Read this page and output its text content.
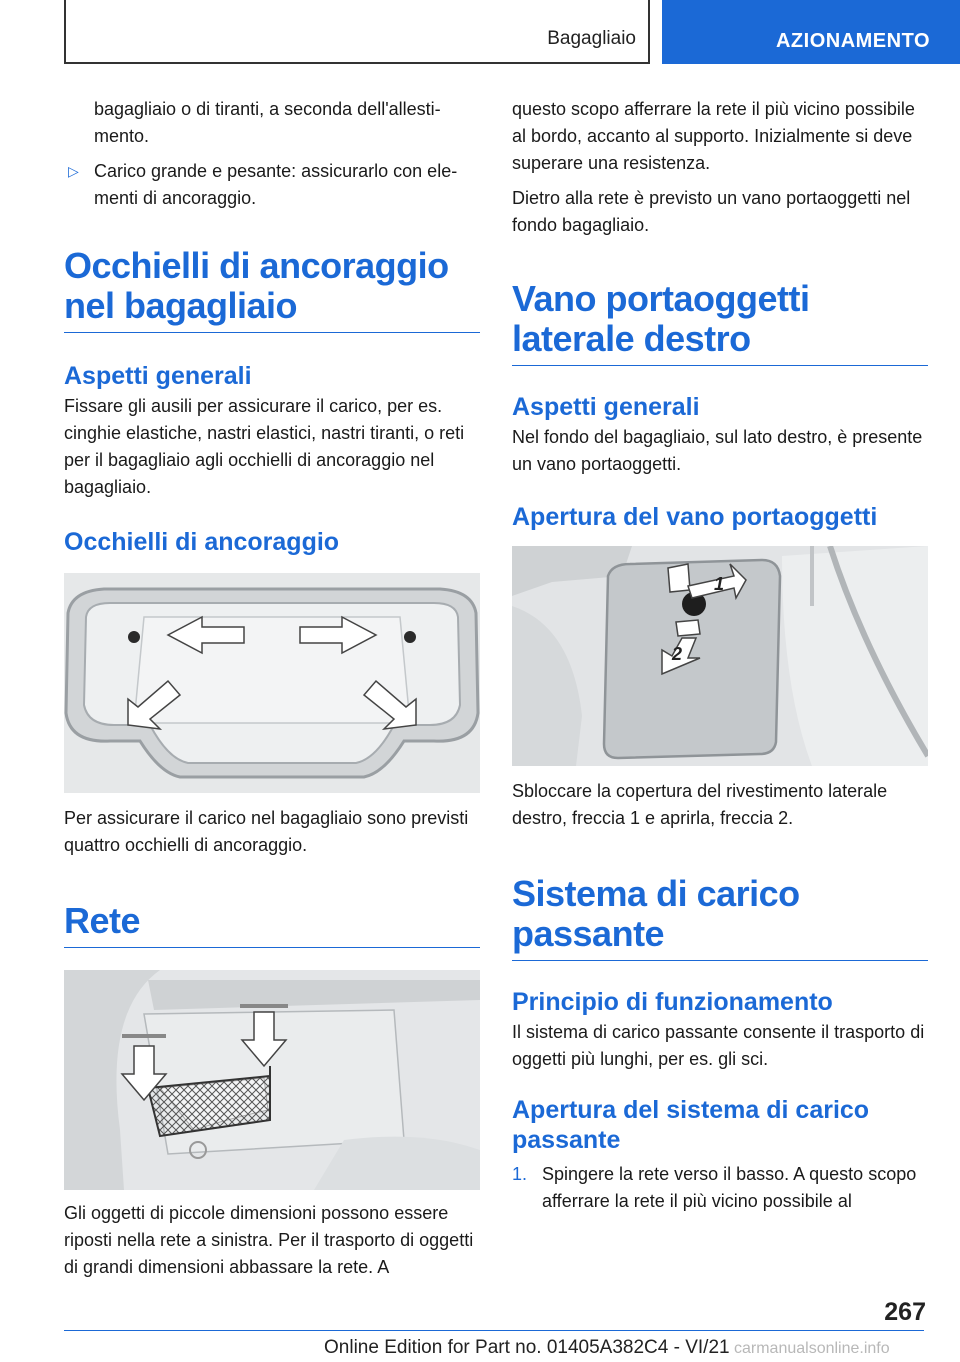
Bagagliaio	AZIONAMENTO

bagagliaio o di tiranti, a seconda dell'allestimento.

▷ Carico grande e pesante: assicurarlo con elementi di ancoraggio.
Occhielli di ancoraggio nel bagagliaio
Aspetti generali

Fissare gli ausili per assicurare il carico, per es. cinghie elastiche, nastri elastici, nastri tiranti, o reti per il bagagliaio agli occhielli di ancoraggio nel bagagliaio.

Occhielli di ancoraggio

Per assicurare il carico nel bagagliaio sono previsti quattro occhielli di ancoraggio.

Rete

Gli oggetti di piccole dimensioni possono essere riposti nella rete a sinistra. Per il trasporto di oggetti di grandi dimensioni abbassare la rete. A

questo scopo afferrare la rete il più vicino possibile al bordo, accanto al supporto. Inizialmente si deve superare una resistenza.

Dietro alla rete è previsto un vano portaoggetti nel fondo bagagliaio.

Vano portaoggetti laterale destro
Aspetti generali

Nel fondo del bagagliaio, sul lato destro, è presente un vano portaoggetti.

Apertura del vano portaoggetti
1
2

Sbloccare la copertura del rivestimento laterale destro, freccia 1 e aprirla, freccia 2.

Sistema di carico passante
Principio di funzionamento

Il sistema di carico passante consente il trasporto di oggetti più lunghi, per es. gli sci.

Apertura del sistema di carico passante
1. Spingere la rete verso il basso. A questo scopo afferrare la rete il più vicino possibile al
267
Online Edition for Part no. 01405A382C4 - VI/21 carmanualsonline.info
